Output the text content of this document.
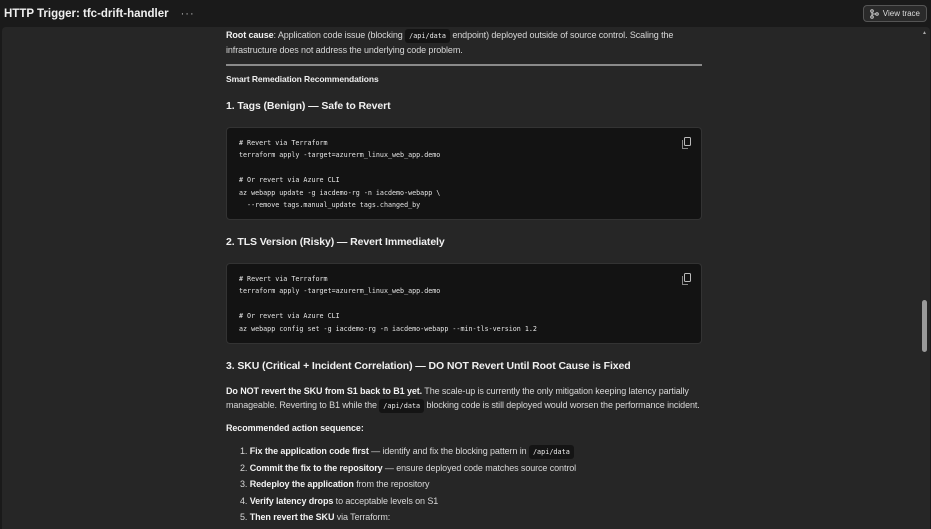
HTTP Trigger: tfc-drift-handler ···	View trace

Root cause: Application code issue (blocking /api/data endpoint) deployed outside of source control. Scaling the infrastructure does not address the underlying code problem.

Smart Remediation Recommendations
1. Tags (Benign) — Safe to Revert
# Revert via Terraform
terraform apply -target=azurerm_linux_web_app.demo

# Or revert via Azure CLI
az webapp update -g iacdemo-rg -n iacdemo-webapp \
--remove tags.manual_update tags.changed_by
2. TLS Version (Risky) — Revert Immediately
# Revert via Terraform
terraform apply -target=azurerm_linux_web_app.demo

# Or revert via Azure CLI
az webapp config set -g iacdemo-rg -n iacdemo-webapp --min-tls-version 1.2
3. SKU (Critical + Incident Correlation) — DO NOT Revert Until Root Cause is Fixed

Do NOT revert the SKU from S1 back to B1 yet. The scale-up is currently the only mitigation keeping latency partially manageable. Reverting to B1 while the /api/data blocking code is still deployed would worsen the performance incident.

Recommended action sequence:

1. Fix the application code first — identify and fix the blocking pattern in /api/data
2. Commit the fix to the repository — ensure deployed code matches source control
3. Redeploy the application from the repository
4. Verify latency drops to acceptable levels on S1
5. Then revert the SKU via Terraform:
▲
